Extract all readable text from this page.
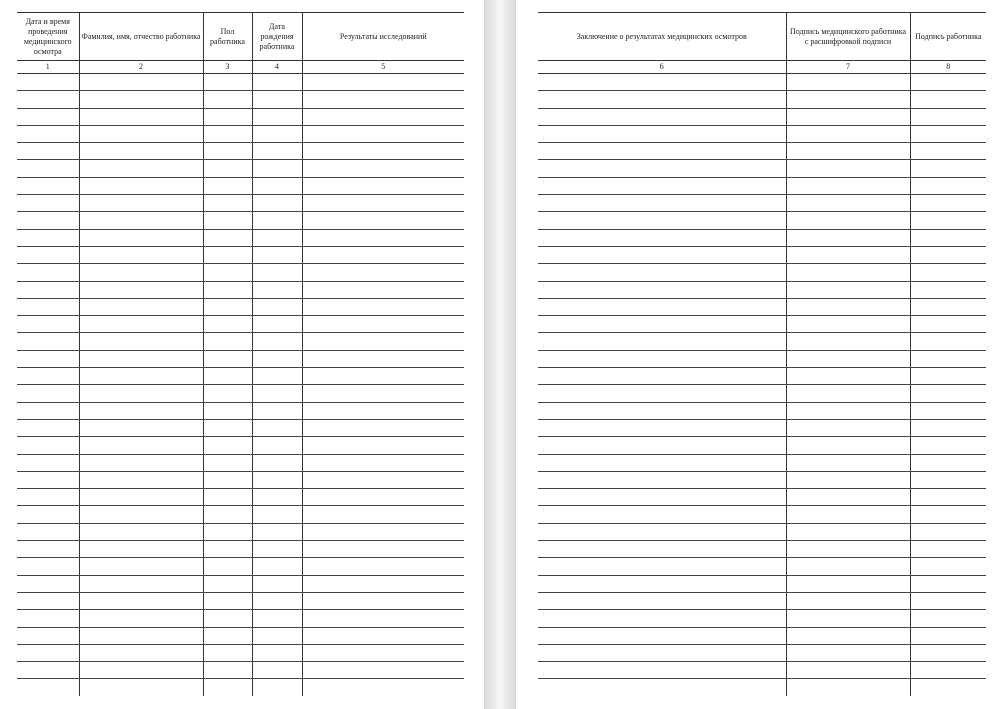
Дата и время проведения медицинского осмотра	Фамилия, имя, отчество работника	Пол работника	Дата рождения работника	Результаты исследований
1	2	3	4	5

Заключение о результатах медицинских осмотров	Подпись медицинского работника с расшифровкой подписи	Подпись работника
6	7	8
